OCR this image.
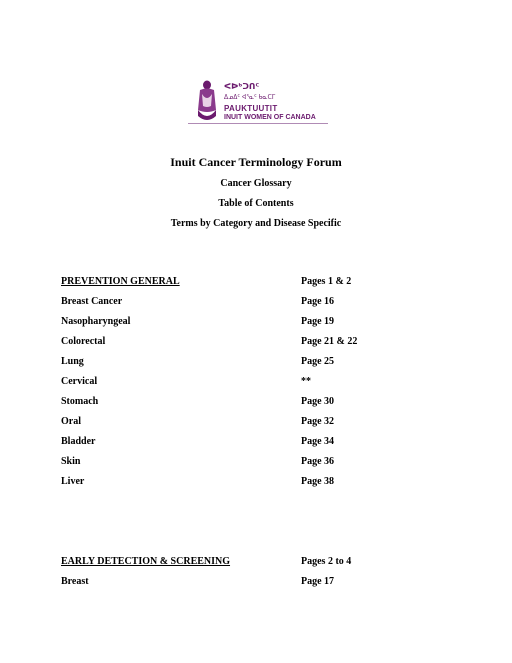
ᐸᐅᒃᑐᑎᑦ
ᐃᓄᐃᑦ ᐊᕐᓇᑦ ᑲᓇᑕᒥ
PAUKTUUTIT
INUIT WOMEN OF CANADA
Inuit Cancer Terminology Forum
Cancer Glossary
Table of Contents
Terms by Category and Disease Specific
PREVENTION GENERAL	Pages 1 & 2
Breast Cancer	Page 16
Nasopharyngeal	Page 19
Colorectal	Page 21 & 22
Lung	Page 25
Cervical	**
Stomach	Page 30
Oral	Page 32
Bladder	Page 34
Skin	Page 36
Liver	Page 38
EARLY DETECTION & SCREENING	Pages 2 to 4
Breast	Page 17
